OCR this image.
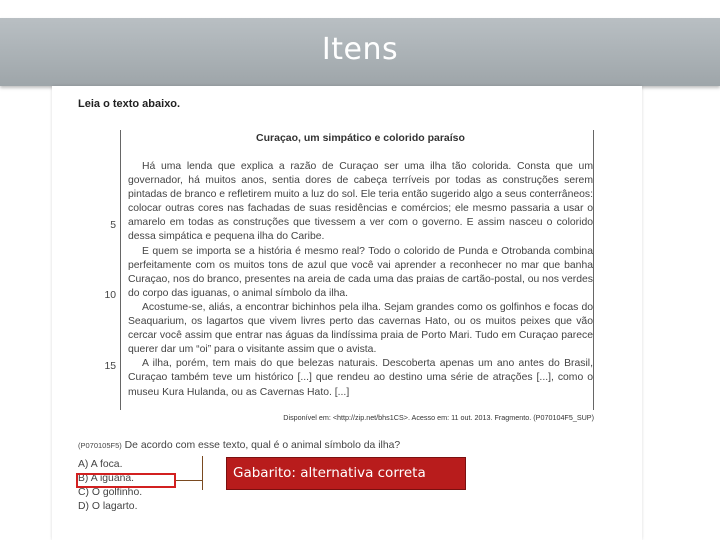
Itens
Leia o texto abaixo.
Curaçao, um simpático e colorido paraíso
5
10
15

Há uma lenda que explica a razão de Curaçao ser uma ilha tão colorida. Consta que um governador, há muitos anos, sentia dores de cabeça terríveis por todas as construções serem pintadas de branco e refletirem muito a luz do sol. Ele teria então sugerido algo a seus conterrâneos: colocar outras cores nas fachadas de suas residências e comércios; ele mesmo passaria a usar o amarelo em todas as construções que tivessem a ver com o governo. E assim nasceu o colorido dessa simpática e pequena ilha do Caribe.

E quem se importa se a história é mesmo real? Todo o colorido de Punda e Otrobanda combina perfeitamente com os muitos tons de azul que você vai aprender a reconhecer no mar que banha Curaçao, nos do branco, presentes na areia de cada uma das praias de cartão-postal, ou nos verdes do corpo das iguanas, o animal símbolo da ilha.

Acostume-se, aliás, a encontrar bichinhos pela ilha. Sejam grandes como os golfinhos e focas do Seaquarium, os lagartos que vivem livres perto das cavernas Hato, ou os muitos peixes que vão cercar você assim que entrar nas águas da lindíssima praia de Porto Mari. Tudo em Curaçao parece querer dar um “oi” para o visitante assim que o avista.

A ilha, porém, tem mais do que belezas naturais. Descoberta apenas um ano antes do Brasil, Curaçao também teve um histórico [...] que rendeu ao destino uma série de atrações [...], como o museu Kura Hulanda, ou as Cavernas Hato. [...]

Disponível em: <http://zip.net/bhs1CS>. Acesso em: 11 out. 2013. Fragmento. (P070104F5_SUP)
(P070105F5) De acordo com esse texto, qual é o animal símbolo da ilha?
A) A foca.
B) A iguana.
C) O golfinho.
D) O lagarto.
Gabarito: alternativa correta
